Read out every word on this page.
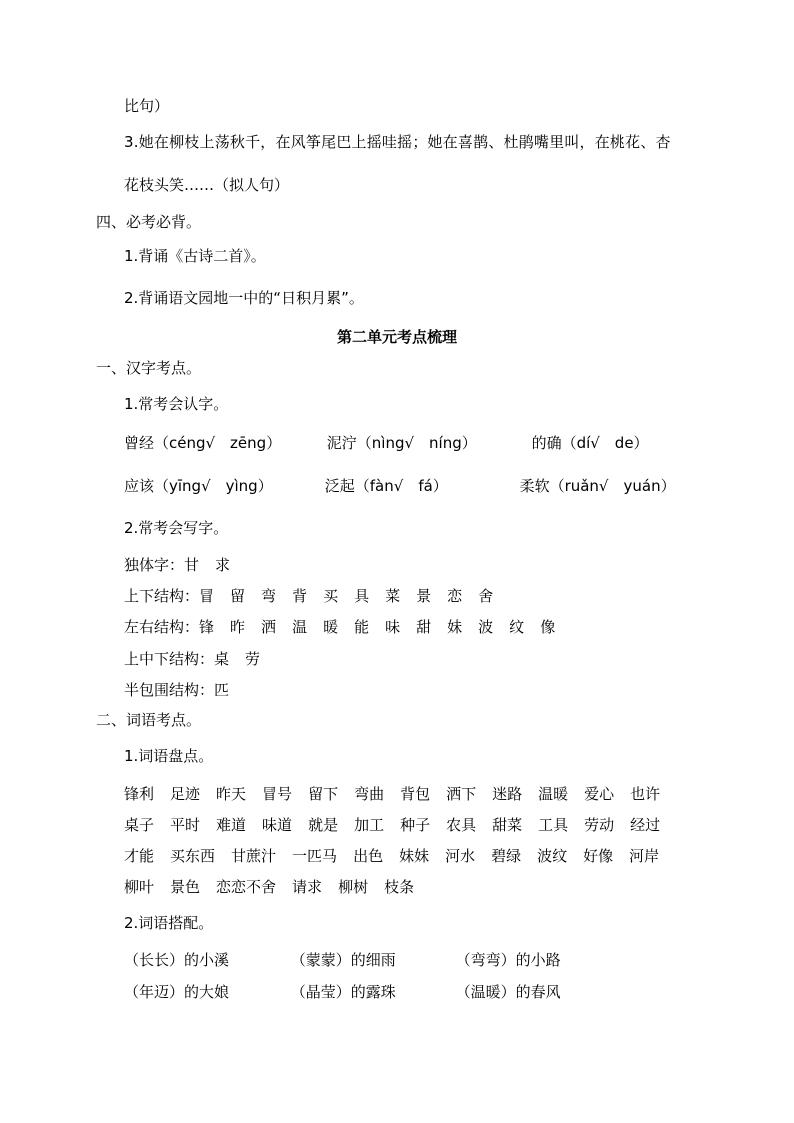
比句）
3.她在柳枝上荡秋千，在风筝尾巴上摇哇摇；她在喜鹊、杜鹃嘴里叫，在桃花、杏
花枝头笑……（拟人句）
四、必考必背。
1.背诵《古诗二首》。
2.背诵语文园地一中的“日积月累”。
第二单元考点梳理
一、汉字考点。
1.常考会认字。
曾经（céng√　zēng）	泥泞（nìng√　níng）	的确（dí√　de）
应该（yīng√　yìng）	泛起（fàn√　fá）	柔软（ruǎn√　yuán）
2.常考会写字。
独体字：甘 求
上下结构：冒 留 弯 背 买 具 菜 景 恋 舍
左右结构：锋 昨 洒 温 暖 能 味 甜 妹 波 纹 像
上中下结构：桌 劳
半包围结构：匹
二、词语考点。
1.词语盘点。
锋利 足迹 昨天 冒号 留下 弯曲 背包 洒下 迷路 温暖 爱心 也许
桌子 平时 难道 味道 就是 加工 种子 农具 甜菜 工具 劳动 经过
才能 买东西 甘蔗汁 一匹马 出色 妹妹 河水 碧绿 波纹 好像 河岸
柳叶 景色 恋恋不舍 请求 柳树 枝条
2.词语搭配。
（长长）的小溪	（蒙蒙）的细雨	（弯弯）的小路
（年迈）的大娘	（晶莹）的露珠	（温暖）的春风
